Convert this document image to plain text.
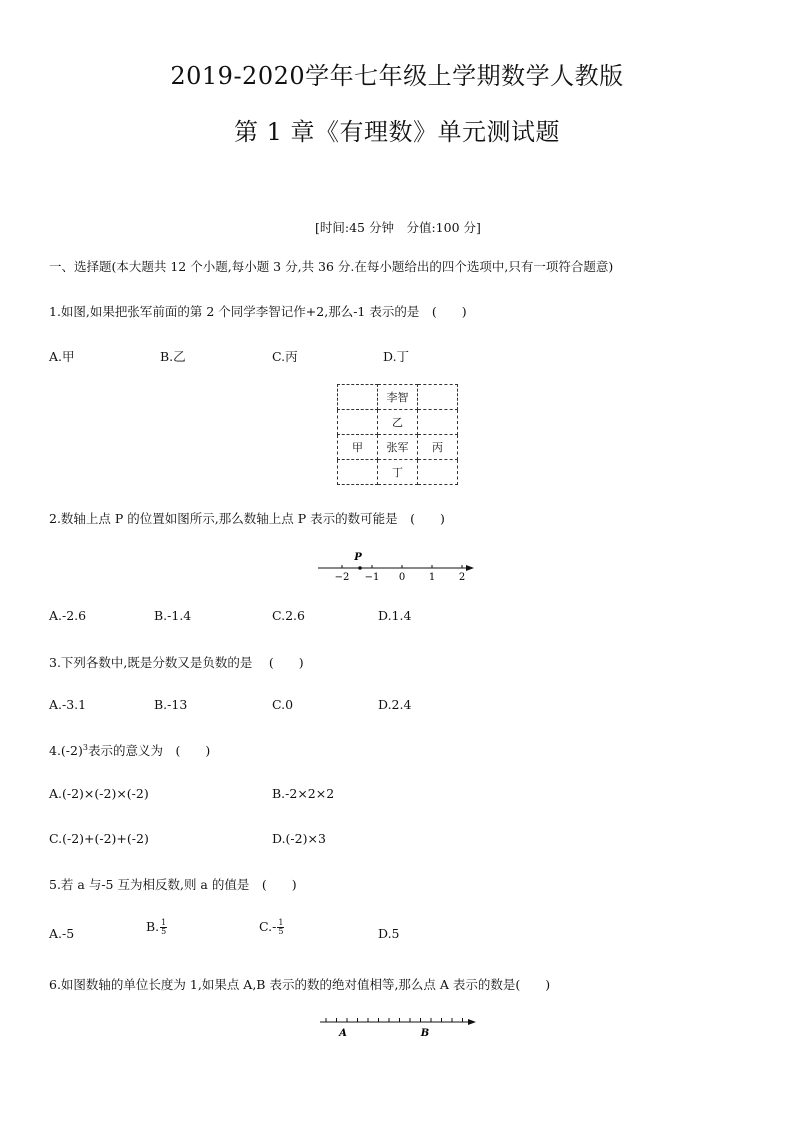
2019-2020学年七年级上学期数学人教版
第 1 章《有理数》单元测试题
[时间:45 分钟　分值:100 分]
一、选择题(本大题共 12 个小题,每小题 3 分,共 36 分.在每小题给出的四个选项中,只有一项符合题意)
1.如图,如果把张军前面的第 2 个同学李智记作+2,那么-1 表示的是　(　　)
A.甲	B.乙	C.丙	D.丁
	李智	
	乙	
甲	张军	丙
	丁	
2.数轴上点 P 的位置如图所示,那么数轴上点 P 表示的数可能是　(　　)
−2 −1 0 1 2
P
A.-2.6	B.-1.4	C.2.6	D.1.4
3.下列各数中,既是分数又是负数的是　 (　　)
A.-3.1	B.-13	C.0	D.2.4
$4.(-2)^3$表示的意义为　(　　)
A.(-2)×(-2)×(-2)	B.-2×2×2
C.(-2)+(-2)+(-2)	D.(-2)×3
5.若 a 与-5 互为相反数,则 a 的值是　(　　)
A.-5	B. $\frac{1}{5}$	$C.- \frac{1}{5}$	D.5
6.如图数轴的单位长度为 1,如果点 A,B 表示的数的绝对值相等,那么点 A 表示的数是(　　)
A	B
